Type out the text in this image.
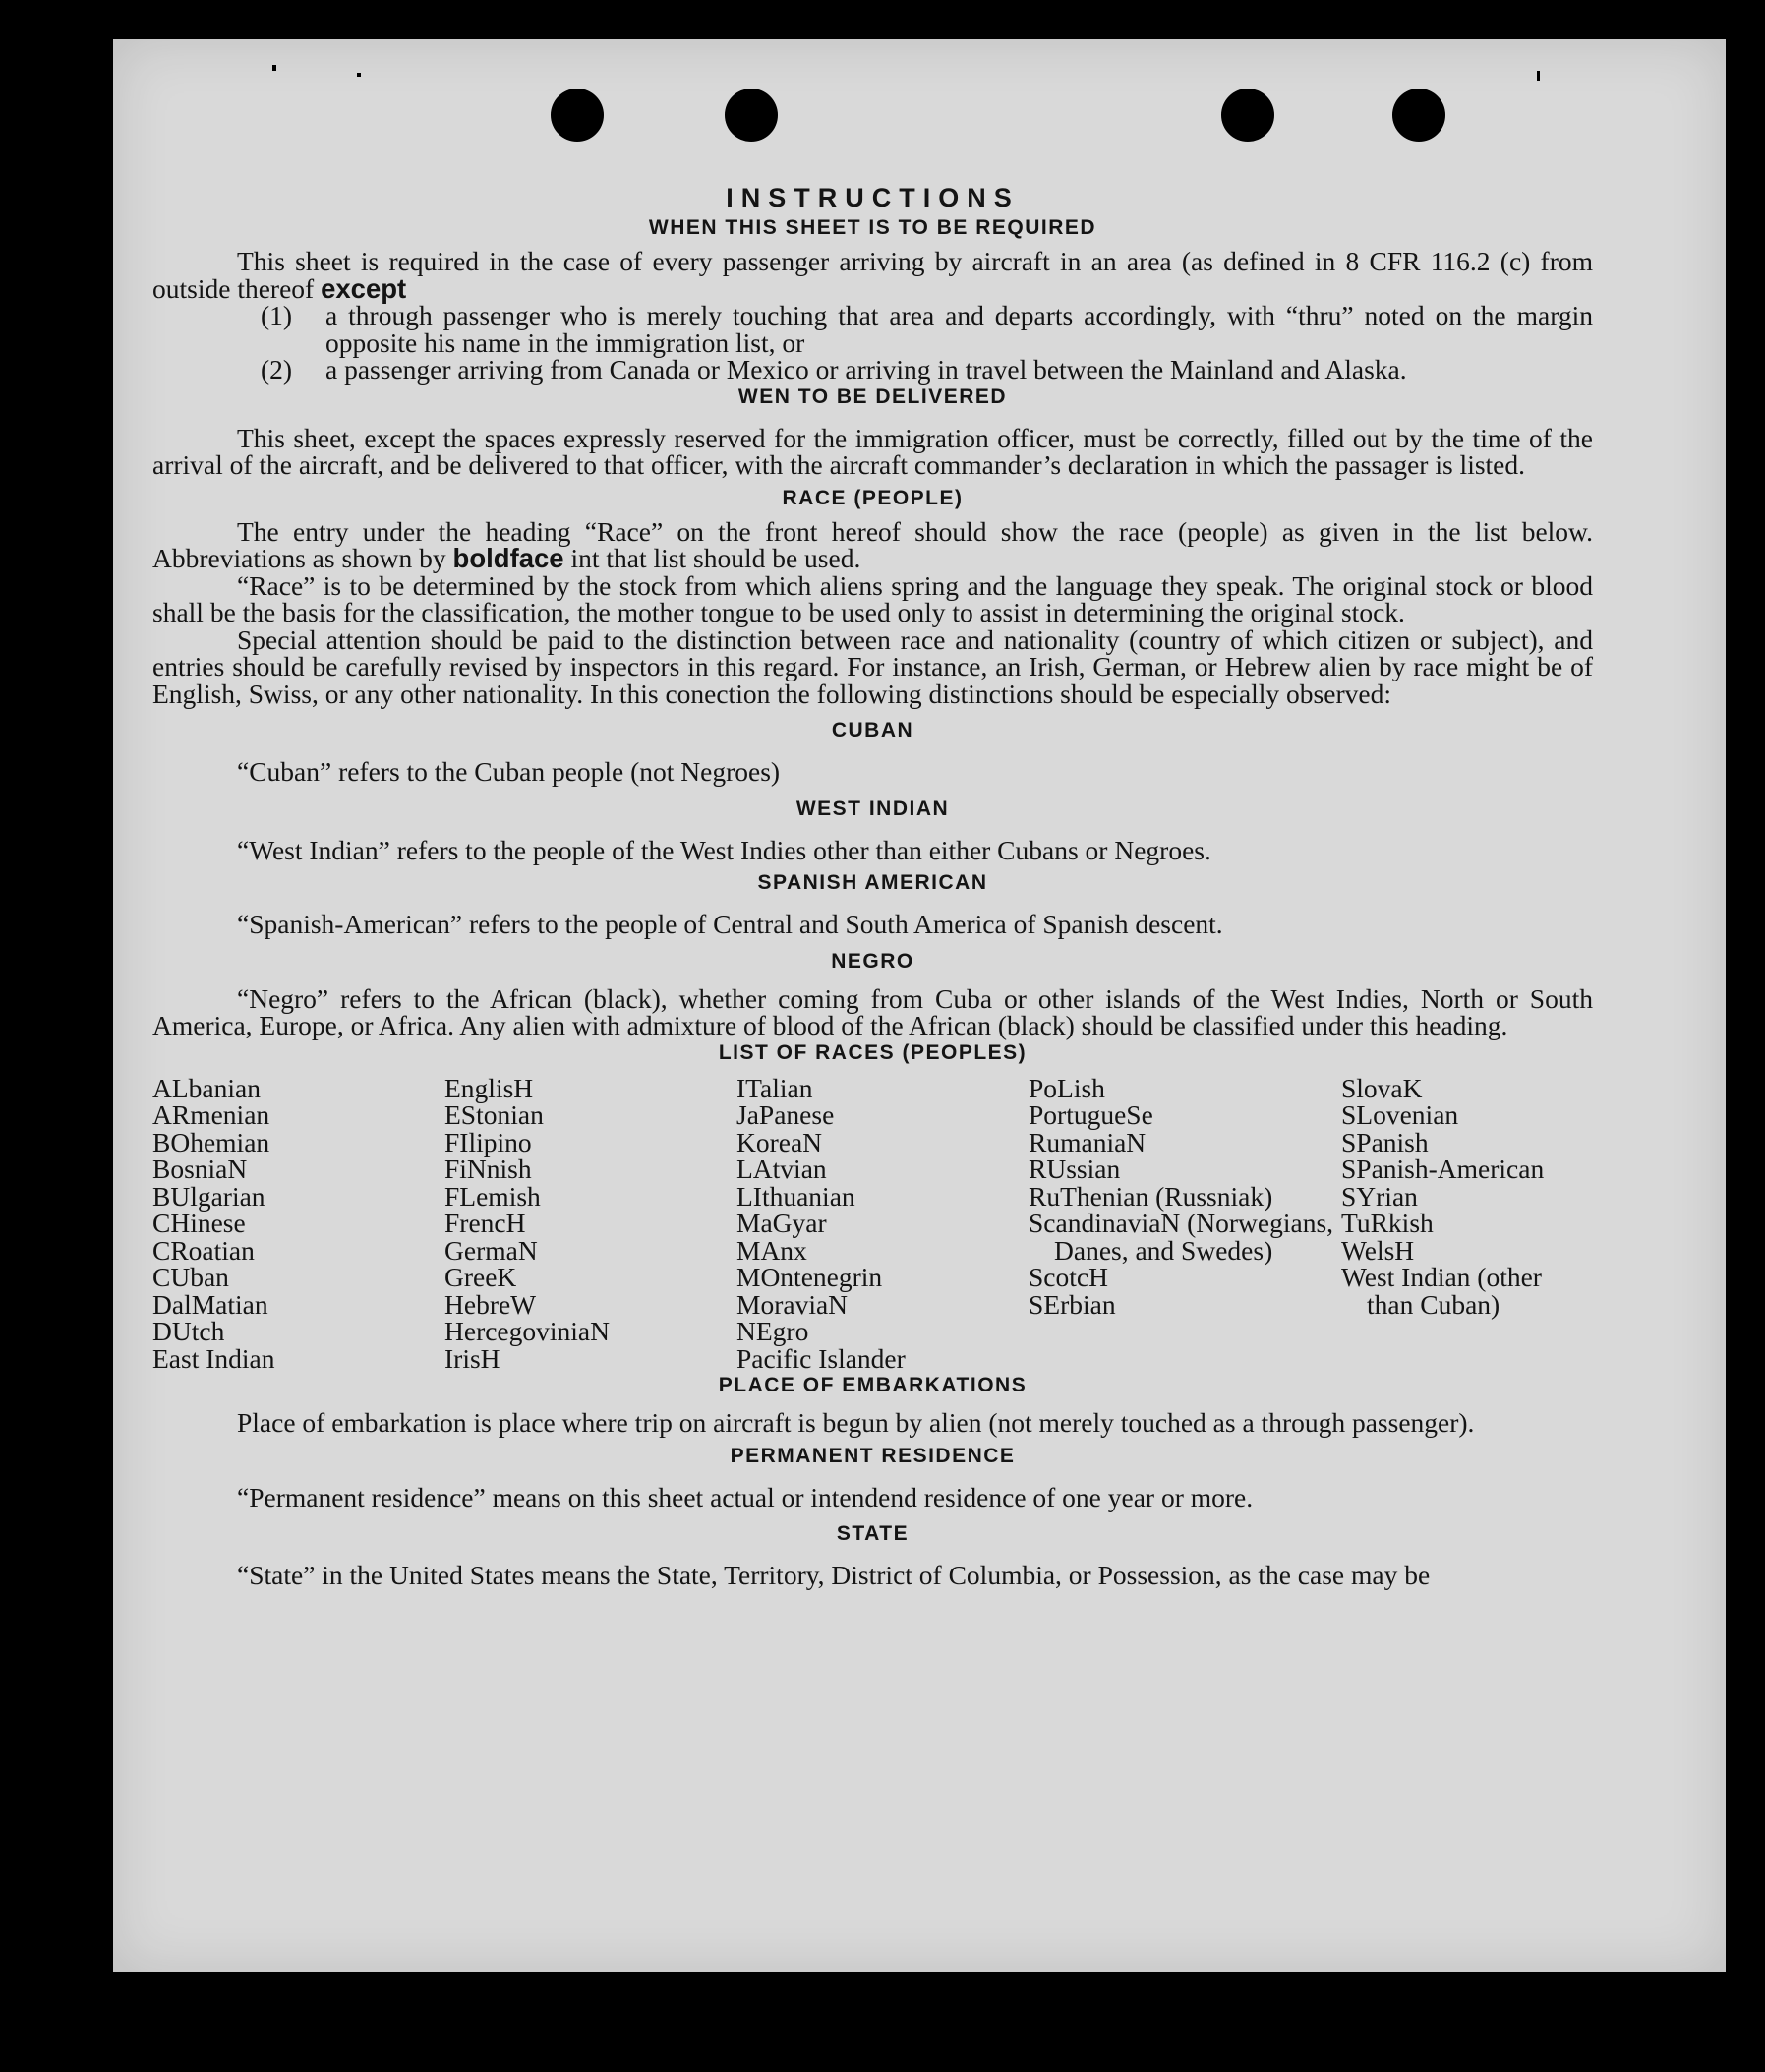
INSTRUCTIONS
WHEN THIS SHEET IS TO BE REQUIRED

This sheet is required in the case of every passenger arriving by aircraft in an area (as defined in 8 CFR 116.2 (c) from outside thereof except

(1)	a through passenger who is merely touching that area and departs accordingly, with “thru” noted on the margin opposite his name in the immigration list, or
(2)	a passenger arriving from Canada or Mexico or arriving in travel between the Mainland and Alaska.
WEN TO BE DELIVERED

This sheet, except the spaces expressly reserved for the immigration officer, must be correctly, filled out by the time of the arrival of the aircraft, and be delivered to that officer, with the aircraft commander’s declaration in which the passager is listed.

RACE (PEOPLE)

The entry under the heading “Race” on the front hereof should show the race (people) as given in the list below. Abbreviations as shown by boldface int that list should be used.

“Race” is to be determined by the stock from which aliens spring and the language they speak. The original stock or blood shall be the basis for the classification, the mother tongue to be used only to assist in determining the original stock.

Special attention should be paid to the distinction between race and nationality (country of which citizen or subject), and entries should be carefully revised by inspectors in this regard. For instance, an Irish, German, or Hebrew alien by race might be of English, Swiss, or any other nationality. In this conection the following distinctions should be especially observed:

CUBAN

“Cuban” refers to the Cuban people (not Negroes)

WEST INDIAN

“West Indian” refers to the people of the West Indies other than either Cubans or Negroes.

SPANISH AMERICAN

“Spanish-American” refers to the people of Central and South America of Spanish descent.

NEGRO

“Negro” refers to the African (black), whether coming from Cuba or other islands of the West Indies, North or South America, Europe, or Africa. Any alien with admixture of blood of the African (black) should be classified under this heading.

LIST OF RACES (PEOPLES)
ALbanian
ARmenian
BOhemian
BosniaN
BUlgarian
CHinese
CRoatian
CUban
DalMatian
DUtch
East Indian
EnglisH
EStonian
FIlipino
FiNnish
FLemish
FrencH
GermaN
GreeK
HebreW
HercegoviniaN
IrisH
ITalian
JaPanese
KoreaN
LAtvian
LIthuanian
MaGyar
MAnx
MOntenegrin
MoraviaN
NEgro
Pacific Islander
PoLish
PortugueSe
RumaniaN
RUssian
RuThenian (Russniak)
ScandinaviaN (Norwegians, Danes, and Swedes)
ScotcH
SErbian
SlovaK
SLovenian
SPanish
SPanish-American
SYrian
TuRkish
WelsH
West Indian (other than Cuban)
PLACE OF EMBARKATIONS

Place of embarkation is place where trip on aircraft is begun by alien (not merely touched as a through passenger).

PERMANENT RESIDENCE

“Permanent residence” means on this sheet actual or intendend residence of one year or more.

STATE

“State” in the United States means the State, Territory, District of Columbia, or Possession, as the case may be
